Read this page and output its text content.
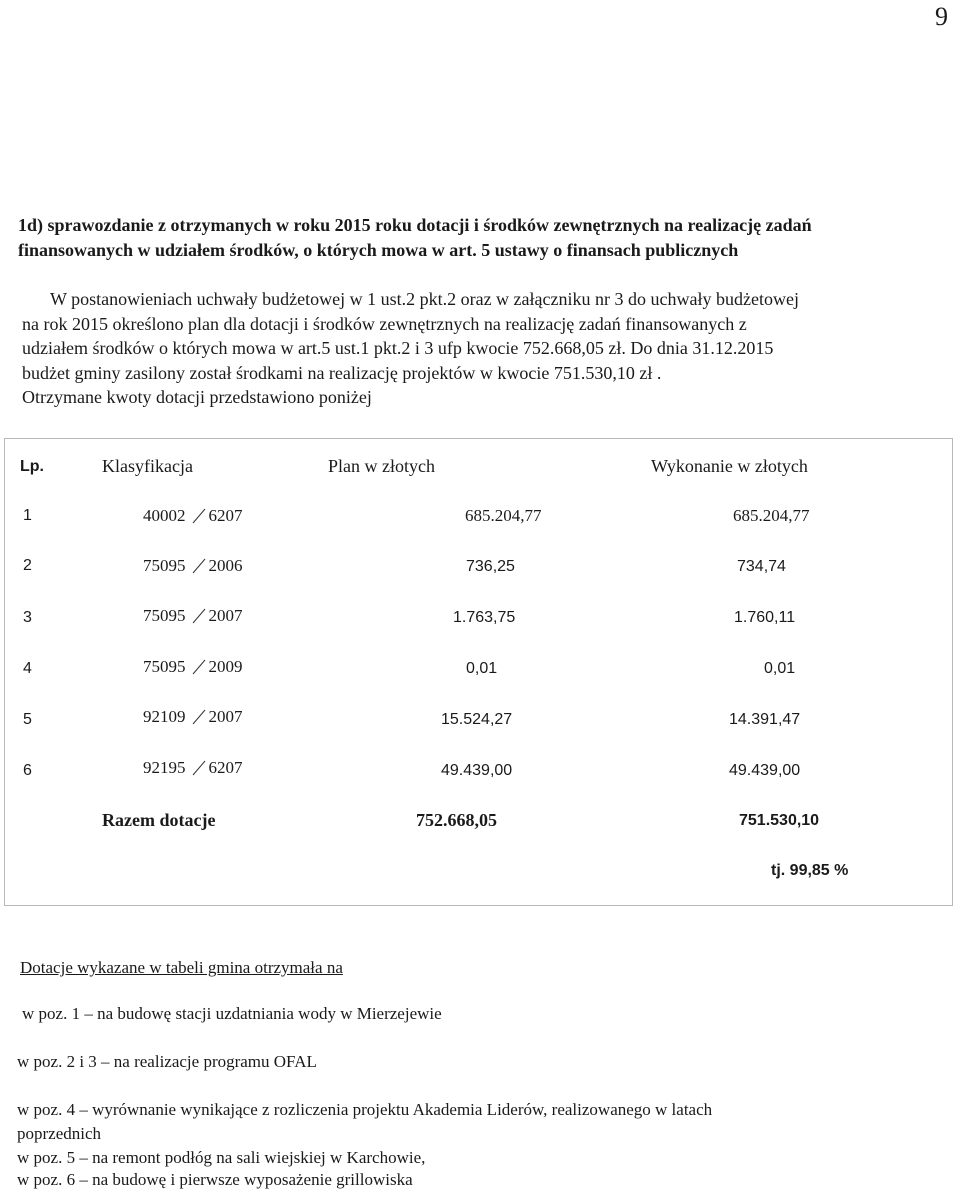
9
1d) sprawozdanie z otrzymanych w roku 2015 roku dotacji i środków zewnętrznych na realizację zadań
finansowanych w udziałem środków, o których mowa w art. 5 ustawy o finansach publicznych
W postanowieniach uchwały budżetowej w 1 ust.2 pkt.2 oraz w załączniku nr 3 do uchwały budżetowej
na rok 2015 określono plan dla dotacji i środków zewnętrznych na realizację zadań finansowanych z
udziałem środków o których mowa w art.5 ust.1 pkt.2 i 3 ufp kwocie 752.668,05 zł. Do dnia 31.12.2015
budżet gminy zasilony został środkami na realizację projektów w kwocie 751.530,10 zł .
Otrzymane kwoty dotacji przedstawiono poniżej
Lp.	Klasyfikacja	Plan w złotych	Wykonanie w złotych
1	40002 6207	685.204,77	685.204,77
2	75095 2006	736,25	734,74
3	75095 2007	1.763,75	1.760,11
4	75095 2009	0,01	0,01
5	92109 2007	15.524,27	14.391,47
6	92195 6207	49.439,00	49.439,00
Razem dotacje	752.668,05	751.530,10
tj. 99,85 %
Dotacje wykazane w tabeli gmina otrzymała na
w poz. 1 – na budowę stacji uzdatniania wody w Mierzejewie
w poz. 2 i 3 – na realizacje programu OFAL
w poz. 4 – wyrównanie wynikające z rozliczenia projektu Akademia Liderów, realizowanego w latach
poprzednich
w poz. 5 – na remont podłóg na sali wiejskiej w Karchowie,
w poz. 6 – na budowę i pierwsze wyposażenie grillowiska
